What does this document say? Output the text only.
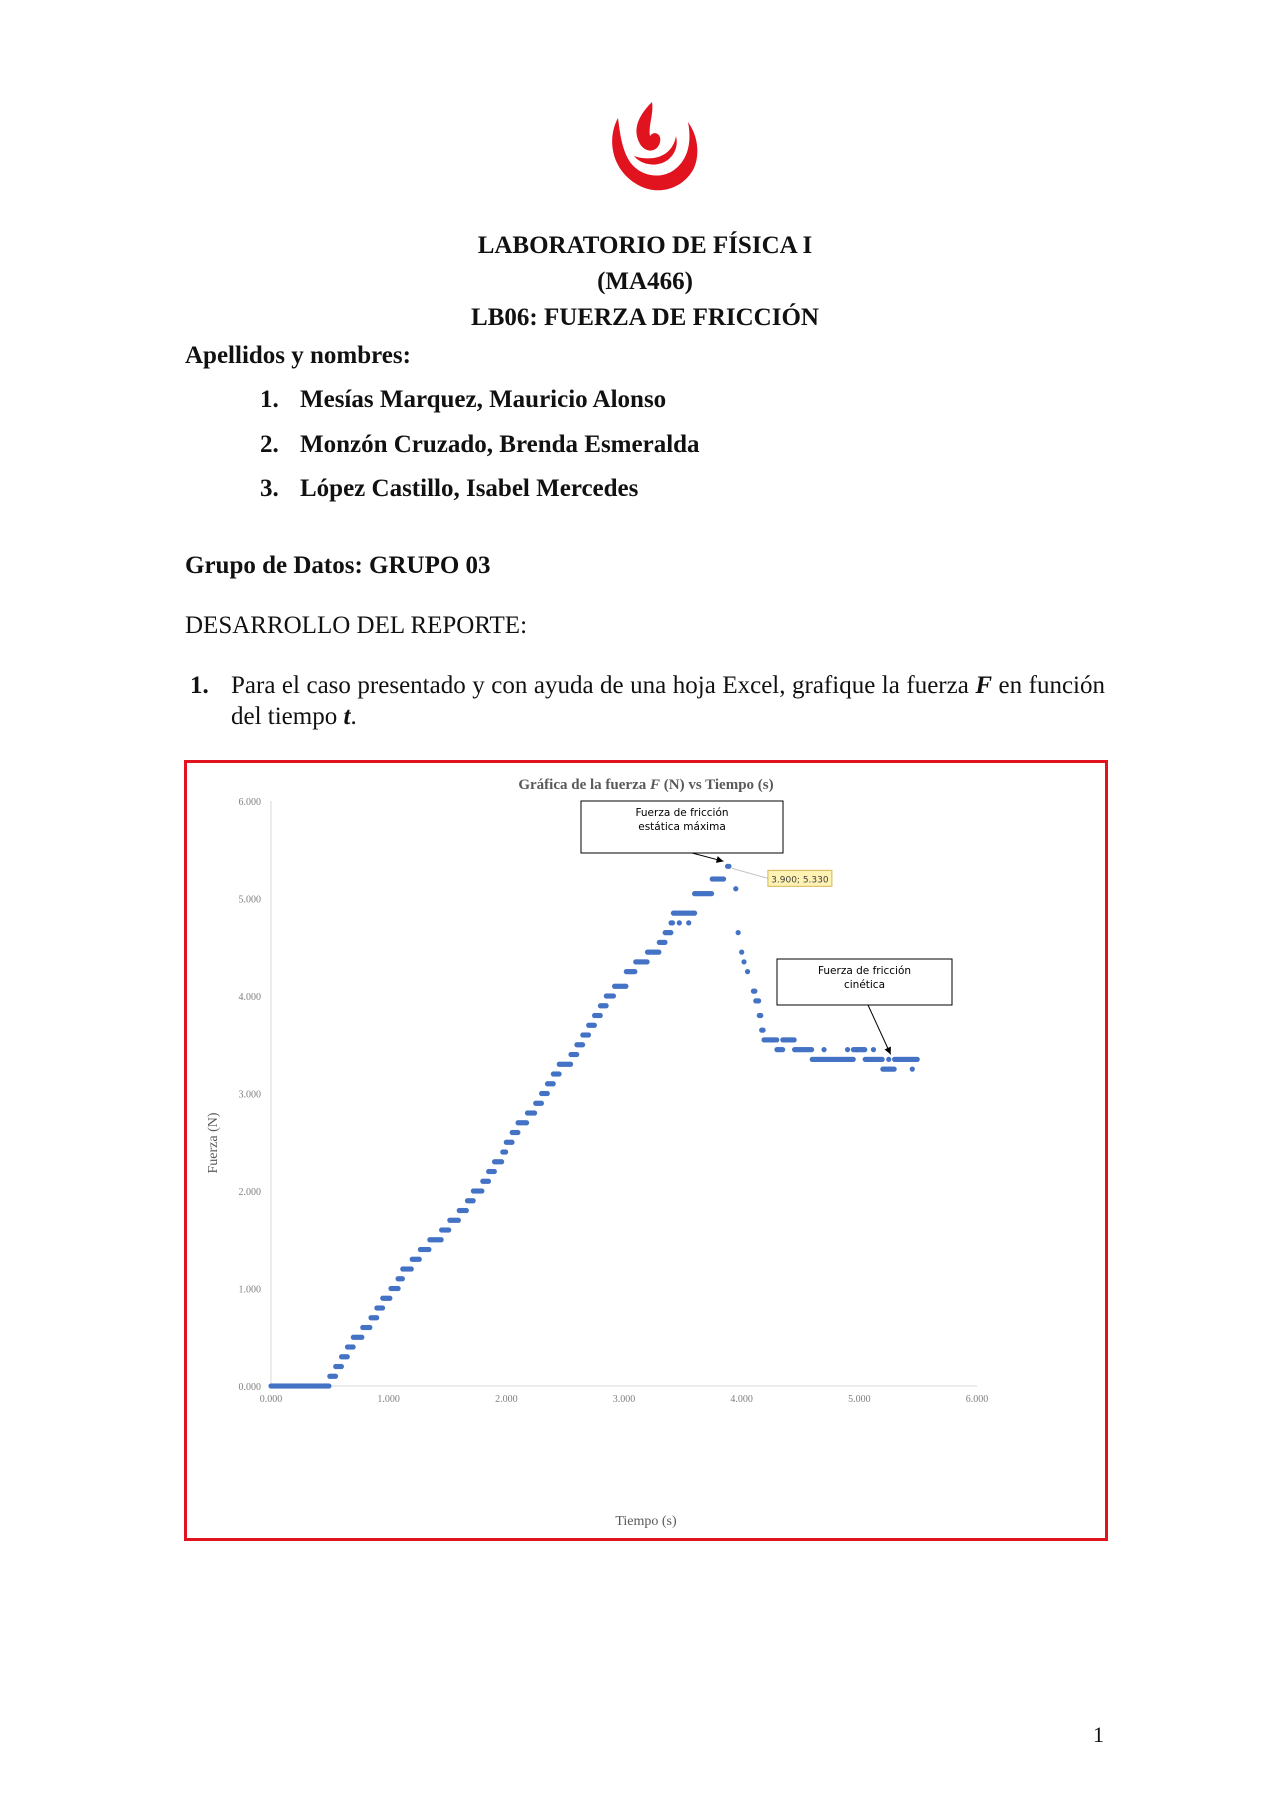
LABORATORIO DE FÍSICA I
(MA466)
LB06: FUERZA DE FRICCIÓN
Apellidos y nombres:
1. Mesías Marquez, Mauricio Alonso
2. Monzón Cruzado, Brenda Esmeralda
3. López Castillo, Isabel Mercedes
Grupo de Datos: GRUPO 03
DESARROLLO DEL REPORTE:
1. Para el caso presentado y con ayuda de una hoja Excel, grafique la fuerza F en función del tiempo t.
Gráfica de la fuerza F (N) vs Tiempo (s)
Tiempo (s)
Fuerza (N)
0.000
1.000
2.000
3.000
4.000
5.000
6.000
0.000	1.000	2.000	3.000	4.000	5.000	6.000
Fuerza de fricción
estática máxima
Fuerza de fricción
cinética
3.900; 5.330
1
